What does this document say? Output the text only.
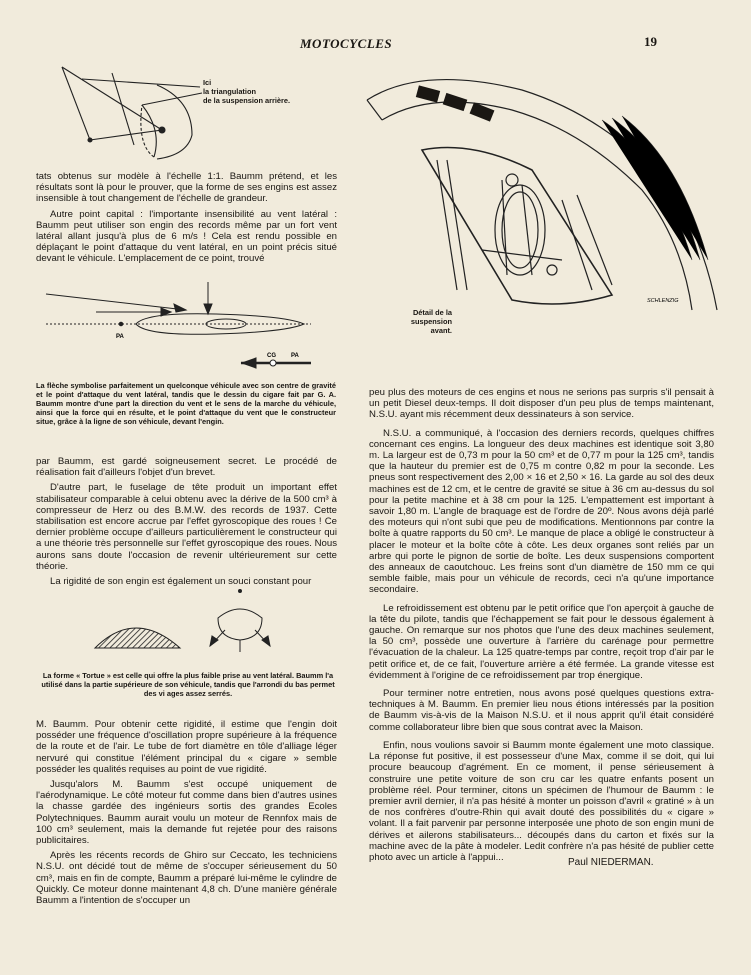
MOTOCYCLES	19
Ici
la triangulation
de la suspension arrière.

tats obtenus sur modèle à l'échelle 1:1. Baumm prétend, et les résultats sont là pour le prouver, que la forme de ses engins est assez insensible à tout changement de l'échelle de grandeur.

Autre point capital : l'importante insensibilité au vent latéral : Baumm peut utiliser son engin des records même par un fort vent latéral allant jusqu'à plus de 6 m/s ! Cela est rendu possible en déplaçant le point d'attaque du vent latéral, en un point précis situé devant le véhicule. L'emplacement de ce point, trouvé

PA
CG	PA
La flèche symbolise parfaitement un quelconque véhicule avec son centre de gravité et le point d'attaque du vent latéral, tandis que le dessin du cigare fait par G. A. Baumm montre d'une part la direction du vent et le sens de la marche du véhicule, ainsi que la force qui en résulte, et le point d'attaque du vent que le constructeur situe, grâce à la ligne de son véhicule, devant l'engin.

par Baumm, est gardé soigneusement secret. Le procédé de réalisation fait d'ailleurs l'objet d'un brevet.

D'autre part, le fuselage de tête produit un important effet stabilisateur comparable à celui obtenu avec la dérive de la 500 cm³ à compresseur de Herz ou des B.M.W. des records de 1937. Cette stabilisation est encore accrue par l'effet gyroscopique des roues ! Ce dernier problème occupe d'ailleurs particulièrement le constructeur qui a une théorie très personnelle sur l'effet gyroscopique des roues. Nous aurons sans doute l'occasion de revenir ultérieurement sur cette théorie.

La rigidité de son engin est également un souci constant pour

La forme « Tortue » est celle qui offre la plus faible prise au vent latéral. Baumm l'a utilisé dans la partie supérieure de son véhicule, tandis que l'arrondi du bas permet des vi ages assez serrés.

M. Baumm. Pour obtenir cette rigidité, il estime que l'engin doit posséder une fréquence d'oscillation propre supérieure à la fréquence de la route et de l'air. Le tube de fort diamètre en tôle d'alliage léger nervuré qui constitue l'élément principal du « cigare » semble posséder les qualités requises au point de vue rigidité.

Jusqu'alors M. Baumm s'est occupé uniquement de l'aérodynamique. Le côté moteur fut comme dans bien d'autres usines la chasse gardée des ingénieurs sortis des grandes Ecoles Polytechniques. Baumm aurait voulu un moteur de Rennfox mais de 100 cm³ seulement, mais la demande fut rejetée pour des raisons publicitaires.

Après les récents records de Ghiro sur Ceccato, les techniciens N.S.U. ont décidé tout de même de s'occuper sérieusement du 50 cm³, mais en fin de compte, Baumm a préparé lui-même le cylindre de Quickly. Ce moteur donne maintenant 4,8 ch. D'une manière générale Baumm a l'intention de s'occuper un

SCHLENZIG
Détail de la
suspension
avant.

peu plus des moteurs de ces engins et nous ne serions pas surpris s'il pensait à un petit Diesel deux-temps. Il doit disposer d'un peu plus de temps maintenant, N.S.U. ayant mis récemment deux dessinateurs à son service.

N.S.U. a communiqué, à l'occasion des derniers records, quelques chiffres concernant ces engins. La longueur des deux machines est identique soit 3,80 m. La largeur est de 0,73 m pour la 50 cm³ et de 0,77 m pour la 125 cm³, tandis que la hauteur du premier est de 0,75 m contre 0,82 m pour la seconde. Les pneus sont respectivement des 2,00 × 16 et 2,50 × 16. La garde au sol des deux machines est de 12 cm, et le centre de gravité se situe à 36 cm au-dessus du sol pour la petite machine et à 38 cm pour la 125. L'empattement est important à savoir 1,80 m. L'angle de braquage est de l'ordre de 20º. Nous avons déjà parlé des moteurs qui n'ont subi que peu de modifications. Mentionnons par contre la boîte à quatre rapports du 50 cm³. Le manque de place a obligé le constructeur à placer le moteur et la boîte côte à côte. Les deux organes sont reliés par un arbre qui porte le pignon de sortie de boîte. Les deux suspensions comportent des anneaux de caoutchouc. Les freins sont d'un diamètre de 150 mm ce qui semble faible, mais pour un véhicule de records, ceci n'a qu'une importance secondaire.

Le refroidissement est obtenu par le petit orifice que l'on aperçoit à gauche de la tête du pilote, tandis que l'échappement se fait pour le dessous également à gauche. On remarque sur nos photos que l'une des deux machines seulement, la 50 cm³, possède une ouverture à l'arrière du carénage pour permettre l'évacuation de la chaleur. La 125 quatre-temps par contre, reçoit trop d'air par le petit orifice et, de ce fait, l'ouverture arrière a été fermée. La grande vitesse est évidemment à l'origine de ce refroidissement par trop énergique.

Pour terminer notre entretien, nous avons posé quelques questions extra-techniques à M. Baumm. En premier lieu nous étions intéressés par la position de Baumm vis-à-vis de la Maison N.S.U. et il nous apprit qu'il était considéré comme collaborateur libre bien que sous contrat avec la Maison.

Enfin, nous voulions savoir si Baumm monte également une moto classique. La réponse fut positive, il est possesseur d'une Max, comme il se doit, qui lui procure beaucoup d'agrément. En ce moment, il pense sérieusement à construire une petite voiture de son cru car les quatre enfants posent un problème réel. Pour terminer, citons un spécimen de l'humour de Baumm : le premier avril dernier, il n'a pas hésité à monter un poisson d'avril « gratiné » à un de nos confrères d'outre-Rhin qui avait douté des possibilités du « cigare » volant. Il a fait parvenir par personne interposée une photo de son engin muni de dérives et ailerons stabilisateurs... découpés dans du carton et fixés sur la machine avec de la pâte à modeler. Ledit confrère n'a pas hésité de publier cette photo avec un article à l'appui...	Paul NIEDERMAN.
